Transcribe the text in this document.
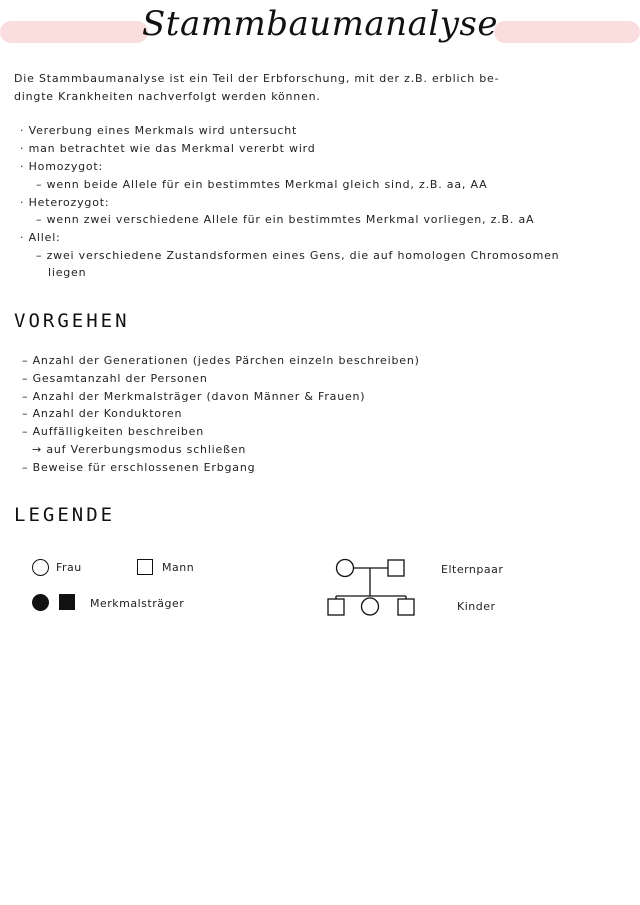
Stammbaumanalyse
Die Stammbaumanalyse ist ein Teil der Erbforschung, mit der z.B. erblich be-
dingte Krankheiten nachverfolgt werden können.
· Vererbung eines Merkmals wird untersucht
· man betrachtet wie das Merkmal vererbt wird
· Homozygot:
– wenn beide Allele für ein bestimmtes Merkmal gleich sind, z.B. aa, AA
· Heterozygot:
– wenn zwei verschiedene Allele für ein bestimmtes Merkmal vorliegen, z.B. aA
· Allel:
– zwei verschiedene Zustandsformen eines Gens, die auf homologen Chromosomen
liegen
VORGEHEN
– Anzahl der Generationen (jedes Pärchen einzeln beschreiben)
– Gesamtanzahl der Personen
– Anzahl der Merkmalsträger (davon Männer & Frauen)
– Anzahl der Konduktoren
– Auffälligkeiten beschreiben
→ auf Vererbungsmodus schließen
– Beweise für erschlossenen Erbgang
LEGENDE
Frau	Mann
Merkmalsträger
Elternpaar
Kinder
